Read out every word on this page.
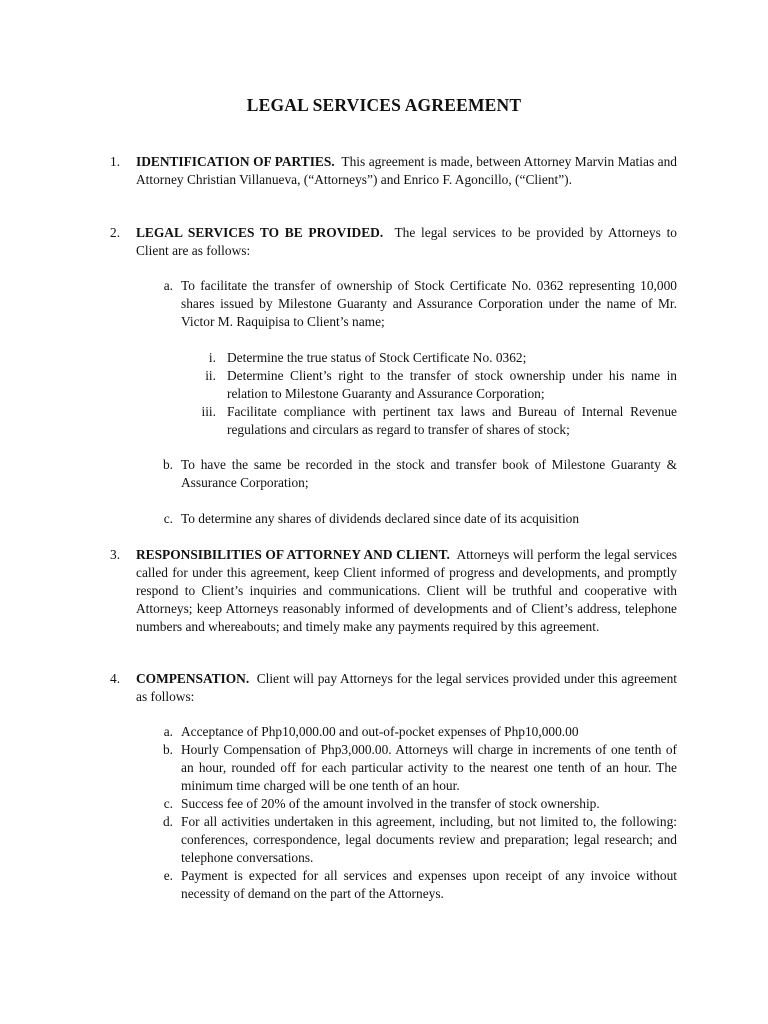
LEGAL SERVICES AGREEMENT
1. IDENTIFICATION OF PARTIES. This agreement is made, between Attorney Marvin Matias and Attorney Christian Villanueva, (“Attorneys”) and Enrico F. Agoncillo, (“Client”).

2. LEGAL SERVICES TO BE PROVIDED. The legal services to be provided by Attorneys to Client are as follows:

a. To facilitate the transfer of ownership of Stock Certificate No. 0362 representing 10,000 shares issued by Milestone Guaranty and Assurance Corporation under the name of Mr. Victor M. Raquipisa to Client’s name;

i. Determine the true status of Stock Certificate No. 0362;

ii. Determine Client’s right to the transfer of stock ownership under his name in relation to Milestone Guaranty and Assurance Corporation;

iii. Facilitate compliance with pertinent tax laws and Bureau of Internal Revenue regulations and circulars as regard to transfer of shares of stock;

b. To have the same be recorded in the stock and transfer book of Milestone Guaranty & Assurance Corporation;

c. To determine any shares of dividends declared since date of its acquisition

3. RESPONSIBILITIES OF ATTORNEY AND CLIENT. Attorneys will perform the legal services called for under this agreement, keep Client informed of progress and developments, and promptly respond to Client’s inquiries and communications. Client will be truthful and cooperative with Attorneys; keep Attorneys reasonably informed of developments and of Client’s address, telephone numbers and whereabouts; and timely make any payments required by this agreement.

4. COMPENSATION. Client will pay Attorneys for the legal services provided under this agreement as follows:

a. Acceptance of Php10,000.00 and out-of-pocket expenses of Php10,000.00

b. Hourly Compensation of Php3,000.00. Attorneys will charge in increments of one tenth of an hour, rounded off for each particular activity to the nearest one tenth of an hour. The minimum time charged will be one tenth of an hour.

c. Success fee of 20% of the amount involved in the transfer of stock ownership.

d. For all activities undertaken in this agreement, including, but not limited to, the following: conferences, correspondence, legal documents review and preparation; legal research; and telephone conversations.

e. Payment is expected for all services and expenses upon receipt of any invoice without necessity of demand on the part of the Attorneys.
